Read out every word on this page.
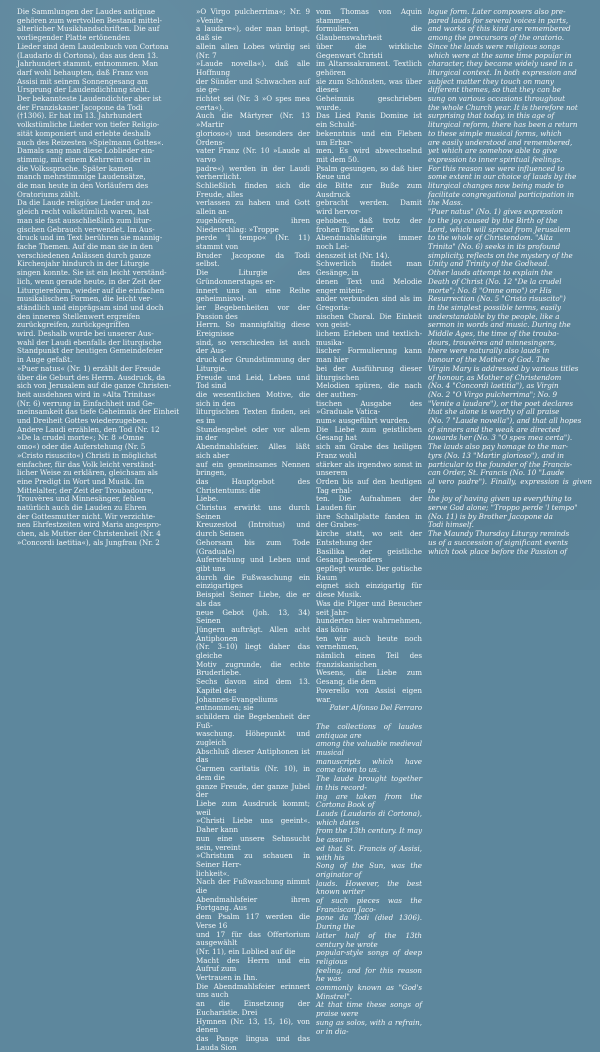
Die Sammlungen der Laudes antiquae
gehören zum wertvollen Bestand mittel-
alterlicher Musikhandschriften. Die auf
vorliegender Platte ertönenden
Lieder sind dem Laudenbuch von Cortona
(Laudario di Cortona), das aus dem 13.
Jahrhundert stammt, entnommen. Man
darf wohl behaupten, daß Franz von
Assisi mit seinem Sonnengesang am
Ursprung der Laudendichtung steht.
Der bekannteste Laudendichter aber ist
der Franziskaner Jacopone da Todi
(†1306). Er hat im 13. Jahrhundert
volkstümliche Lieder von tiefer Religio-
sität komponiert und erlebte deshalb
auch des Reizesten »Spielmann Gottes«.
Damals sang man diese Loblieder ein-
stimmig, mit einem Kehrreim oder in
die Volkssprache. Später kamen
manch mehrstimmige Laudensätze,
die man heute in den Vorläufern des
Oratoriums zählt.
Da die Laude religiöse Lieder und zu-
gleich recht volkstümlich waren, hat
man sie fast ausschließlich zum litur-
gischen Gebrauch verwendet. Im Aus-
druck und im Text berühren sie mannig-
fache Themen. Auf die man sie in den
verschiedenen Anlässen durch ganze
Kirchenjahr hindurch in der Liturgie
singen konnte. Sie ist ein leicht verständ-
lich, wenn gerade heute, in der Zeit der
Liturgiereform, wieder auf die einfachen
musikalischen Formen, die leicht ver-
ständlich und einprägsam sind und doch
den inneren Stellenwert ergreifen
zurückgreifen, zurückgegriffen
wird. Deshalb wurde bei unserer Aus-
wahl der Laudi ebenfalls der liturgische
Standpunkt der heutigen Gemeindefeier
in Auge gefaßt.
»Puer natus« (Nr. 1) erzählt der Freude
über die Geburt des Herrn. Ausdruck, da
sich von Jerusalem auf die ganze Christen-
heit ausdehnen wird in »Alta Trinitas«
(Nr. 6) verrung in Einfachheit und Ge-
meinsamkeit das tiefe Geheimnis der Einheit
und Dreiheit Gottes wiederzugeben.
Andere Laudi erzählen, den Tod (Nr. 12
»De la crudel morte«; Nr. 8 »Omne
omo«) oder die Auferstehung (Nr. 5
»Cristo risuscito«) Christi in möglichst
einfacher, für das Volk leicht verständ-
licher Weise zu erklären, gleichsam als
eine Predigt in Wort und Musik. Im
Mittelalter, der Zeit der Troubadoure,
Trouvères und Minnesänger, fehlen
natürlich auch die Lauden zu Ehren
der Gottesmutter nicht. Wir verzichte-
nen Ehrfestzeiten wird Maria angespro-
chen, als Mutter der Christenheit (Nr. 4
»Concordi laetitia«), als Jungfrau (Nr. 2

»O Virgo pulcherrima«; Nr. 9 »Venite
a laudare«), oder man bringt, daß sie
allein allen Lobes würdig sei (Nr. 7
»Laude novella«). daß alle Hoffnung
der Sünder und Schwachen auf sie ge-
richtet sei (Nr. 3 »O spes mea certa«).
Auch die Märtyrer (Nr. 13 »Martir
glorioso«) und besonders der Ordens-
vater Franz (Nr. 10 »Laude al varvo
padre«) werden in der Laudi verherrlicht.
Schließlich finden sich die Freude, alles
verlassen zu haben und Gott allein an-
zugehören, ihren Niederschlag: »Troppe
perde 'l tempo« (Nr. 11) stammt von
Bruder Jacopone da Todi selbst.
Die Liturgie des Gründonnerstages er-
innert uns an eine Reihe geheimnisvol-
ler Begebenheiten vor der Passion des
Herrn. So mannigfaltig diese Ereignisse
sind, so verschieden ist auch der Aus-
druck der Grundstimmung der Liturgie.
Freude und Leid, Leben und Tod sind
die wesentlichen Motive, die sich in den
liturgischen Texten finden, sei es im
Stundengebet oder vor allem in der
Abendmahlsfeier. Alles läßt sich aber
auf ein gemeinsames Nennen bringen,
das Hauptgebot des Christentums: die
Liebe.
Christus erwirkt uns durch Seinen
Kreuzestod (Introitus) und durch Seinen
Gehorsam bis zum Tode (Graduale)
Auferstehung und Leben und gibt uns
durch die Fußwaschung ein einzigartiges
Beispiel Seiner Liebe, die er als das
neue Gebot (Joh. 13, 34) Seinen
Jüngern aufträgt. Allen acht Antiphonen
(Nr. 3–10) liegt daher das gleiche
Motiv zugrunde, die echte Bruderliebe.
Sechs davon sind dem 13. Kapitel des
Johannes-Evangeliums entnommen; sie
schildern die Begebenheit der Fuß-
waschung. Höhepunkt und zugleich
Abschluß dieser Antiphonen ist das
Carmen caritatis (Nr. 10), in dem die
ganze Freude, der ganze Jubel der
Liebe zum Ausdruck kommt; weil
»Christi Liebe uns geeint«. Daher kann
nun eine unsere Sehnsucht sein, vereint
»Christum zu schauen in Seiner Herr-
lichkeit«.
Nach der Fußwaschung nimmt die
Abendmahlsfeier ihren Fortgang. Aus
dem Psalm 117 werden die Verse 16
und 17 für das Offertorium ausgewählt
(Nr. 11), ein Loblied auf die
Macht des Herrn und ein Aufruf zum
Vertrauen in Ihn.
Die Abendmahlsfeier erinnert uns auch
an die Einsetzung der Eucharistie. Drei
Hymnen (Nr. 13, 15, 16), von denen
das Pange lingua und das Lauda Sion

vom Thomas von Aquin stammen,
formulieren die Glaubenswahrheit
über die wirkliche Gegenwart Christi
im Altarssakrament. Textlich gehören
sie zum Schönsten, was über dieses
Geheimnis geschrieben wurde.
Das Lied Panis Domine ist ein Schuld-
bekenntnis und ein Flehen um Erbar-
men. Es wird abwechselnd mit dem 50.
Psalm gesungen, so daß hier Reue und
die Bitte zur Buße zum Ausdruck
gebracht werden. Damit wird hervor-
gehoben, daß trotz der frohen Töne der
Abendmahlsliturgie immer noch Lei-
denszeit ist (Nr. 14).
Schwerlich findet man Gesänge, in
denen Text und Melodie enger mitein-
ander verbunden sind als im Gregoria-
nischen Choral. Die Einheit von geist-
lichem Erleben und textlich-musika-
lischer Formulierung kann man hier
bei der Ausführung dieser liturgischen
Melodien spüren, die nach der authen-
tischen Ausgabe des »Graduale Vatica-
num« ausgeführt wurden.
Die Liebe zum geistlichen Gesang hat
sich am Grabe des heiligen Franz wohl
stärker als irgendwo sonst in unserem
Orden bis auf den heutigen Tag erhal-
ten. Die Aufnahmen der Lauden für
ihre Schallplatte fanden in der Grabes-
kirche statt, wo seit der Entstehung der
Basilika der geistliche Gesang besonders
gepflegt wurde. Der gotische Raum
eignet sich einzigartig für diese Musik.
Was die Pilger und Besucher seit Jahr-
hunderten hier wahrnehmen, das könn-
ten wir auch heute noch vernehmen,
nämlich einen Teil des franziskanischen
Wesens, die Liebe zum Gesang, die dem
Poverello von Assisi eigen war.

Pater Alfonso Del Ferraro

The collections of laudes antiquae are
among the valuable medieval musical
manuscripts which have come down to us.
The laude brought together in this record-
ing are taken from the Cortona Book of
Lauds (Laudario di Cortona), which dates
from the 13th century. It may be assum-
ed that St. Francis of Assisi, with his
Song of the Sun, was the originator of
lauds. However, the best known writer
of such pieces was the Franciscan Jaco-
pone da Todi (died 1306). During the
latter half of the 13th century he wrote
popular-style songs of deep religious
feeling, and for this reason he was
commonly known as "God's Minstrel".
At that time these songs of praise were
sung as solos, with a refrain, or in dia-

logue form. Later composers also pre-
pared lauds for several voices in parts,
and works of this kind are remembered
among the precursors of the oratorio.
Since the lauds were religious songs
which were at the same time popular in
character, they became widely used in a
liturgical context. In both expression and
subject matter they touch on many
different themes, so that they can be
sung on various occasions throughout
the whole Church year. It is therefore not
surprising that today, in this age of
liturgical reform, there has been a return
to these simple musical forms, which
are easily understood and remembered,
yet which are somehow able to give
expression to inner spiritual feelings.
For this reason we were influenced to
some extent in our choice of lauds by the
liturgical changes now being made to
facilitate congregational participation in
the Mass.
"Puer natus" (No. 1) gives expression
to the joy caused by the Birth of the
Lord, which will spread from Jerusalem
to the whole of Christendom. "Alta
Trinita" (No. 6) seeks in its profound
simplicity, reflects on the mystery of the
Unity and Trinity of the Godhead.
Other lauds attempt to explain the
Death of Christ (No. 12 "De la crudel
morte"; No. 8 "Omne omo") or His
Resurrection (No. 5 "Cristo risuscito")
in the simplest possible terms, easily
understandable by the people, like a
sermon in words and music. During the
Middle Ages, the time of the trouba-
dours, trouvères and minnesingers,
there were naturally also lauds in
honour of the Mother of God. The
Virgin Mary is addressed by various titles
of honour, as Mother of Christendom
(No. 4 "Concordi laetitia"), as Virgin
(No. 2 "O Virgo pulcherrima"; No. 9
"Venite a laudare"), or the poet declares
that she alone is worthy of all praise
(No. 7 "Laude novella"), and that all hopes
of sinners and the weak are directed
towards her (No. 3 "O spes mea certa").
The lauds also pay homage to the mar-
tyrs (No. 13 "Martir glorioso"), and in
particular to the founder of the Francis-
can Order, St. Francis (No. 10 "Laude
al vero padre"). Finally, expression is given to
the joy of having given up everything to
serve God alone; "Troppo perde 'l tempo"
(No. 11) is by Brother Jacopone da
Todi himself.
The Maundy Thursday Liturgy reminds
us of a succession of significant events
which took place before the Passion of
